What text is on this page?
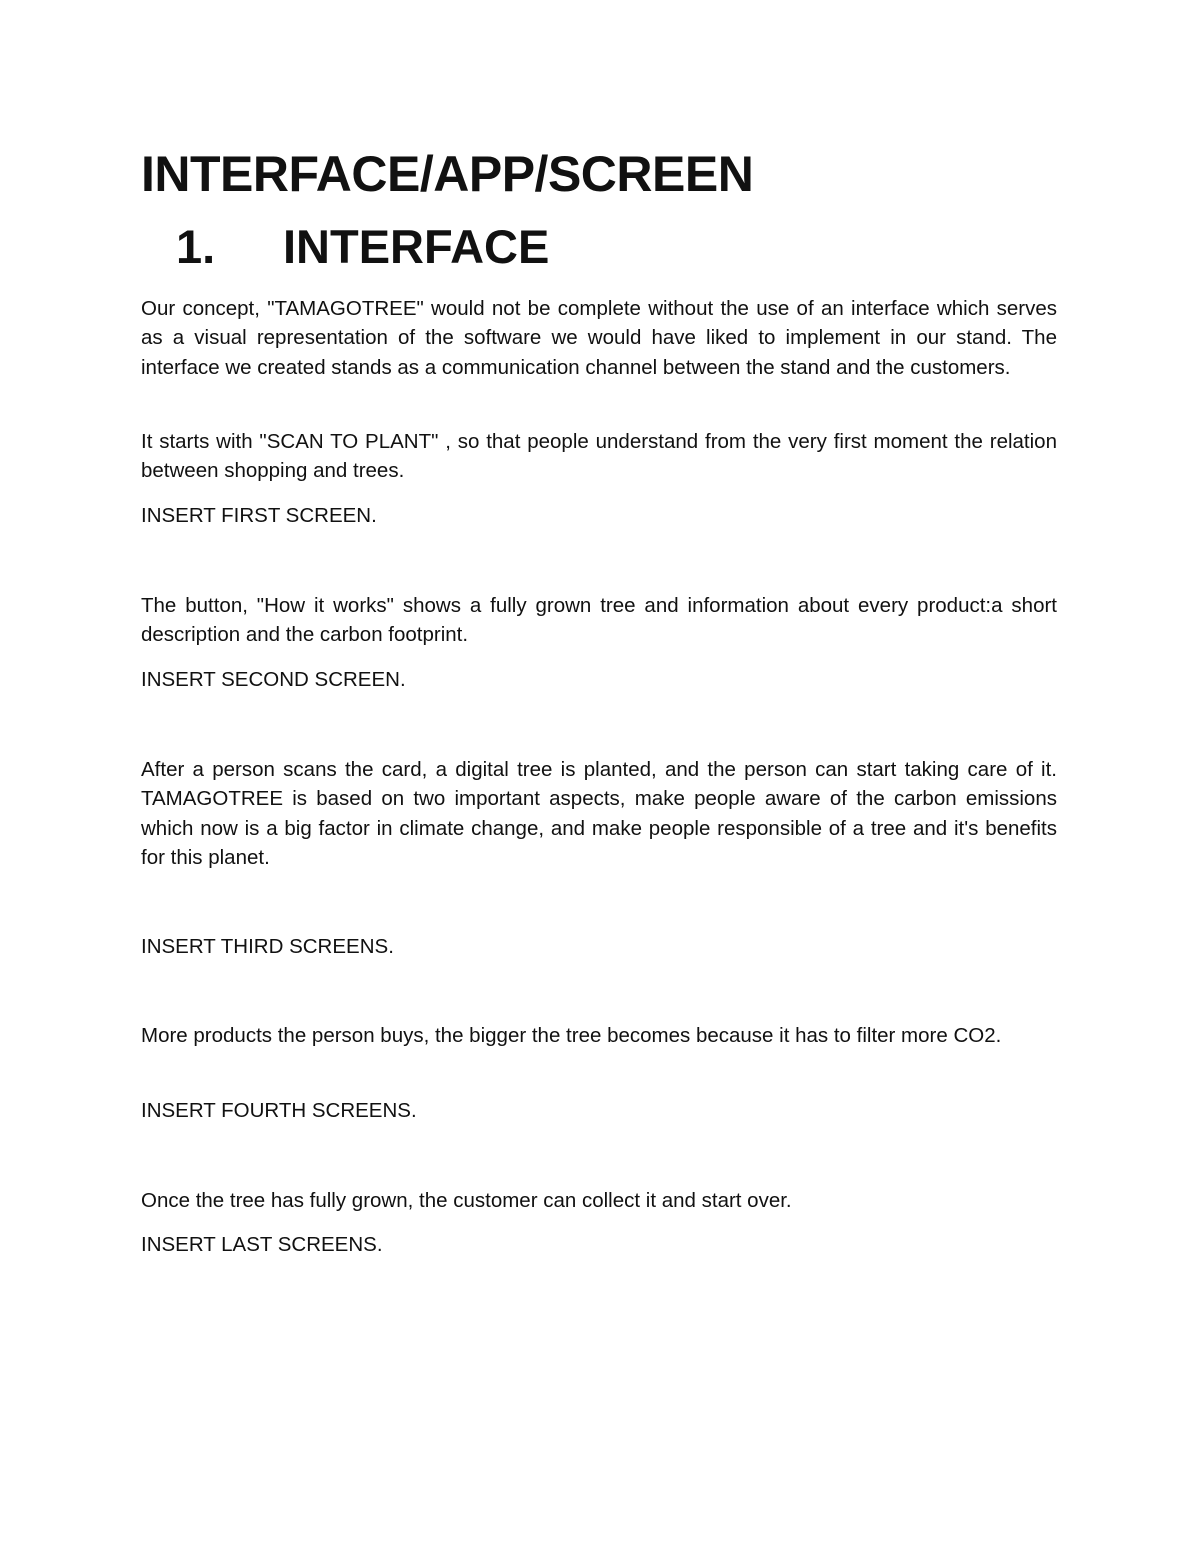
INTERFACE/APP/SCREEN
1. INTERFACE

Our concept, "TAMAGOTREE" would not be complete without the use of an interface which serves as a visual representation of the software we would have liked to implement in our stand. The interface we created stands as a communication channel between the stand and the customers.

It starts with "SCAN TO PLANT" , so that people understand from the very first moment the relation between shopping and trees.

INSERT FIRST SCREEN.

The button, "How it works" shows a fully grown tree and information about every product:a short description and the carbon footprint.

INSERT SECOND SCREEN.

After a person scans the card, a digital tree is planted, and the person can start taking care of it. TAMAGOTREE is based on two important aspects, make people aware of the carbon emissions which now is a big factor in climate change, and make people responsible of a tree and it's benefits for this planet.

INSERT THIRD SCREENS.

More products the person buys, the bigger the tree becomes because it has to filter more CO2.

INSERT FOURTH SCREENS.

Once the tree has fully grown, the customer can collect it and start over.

INSERT LAST SCREENS.
